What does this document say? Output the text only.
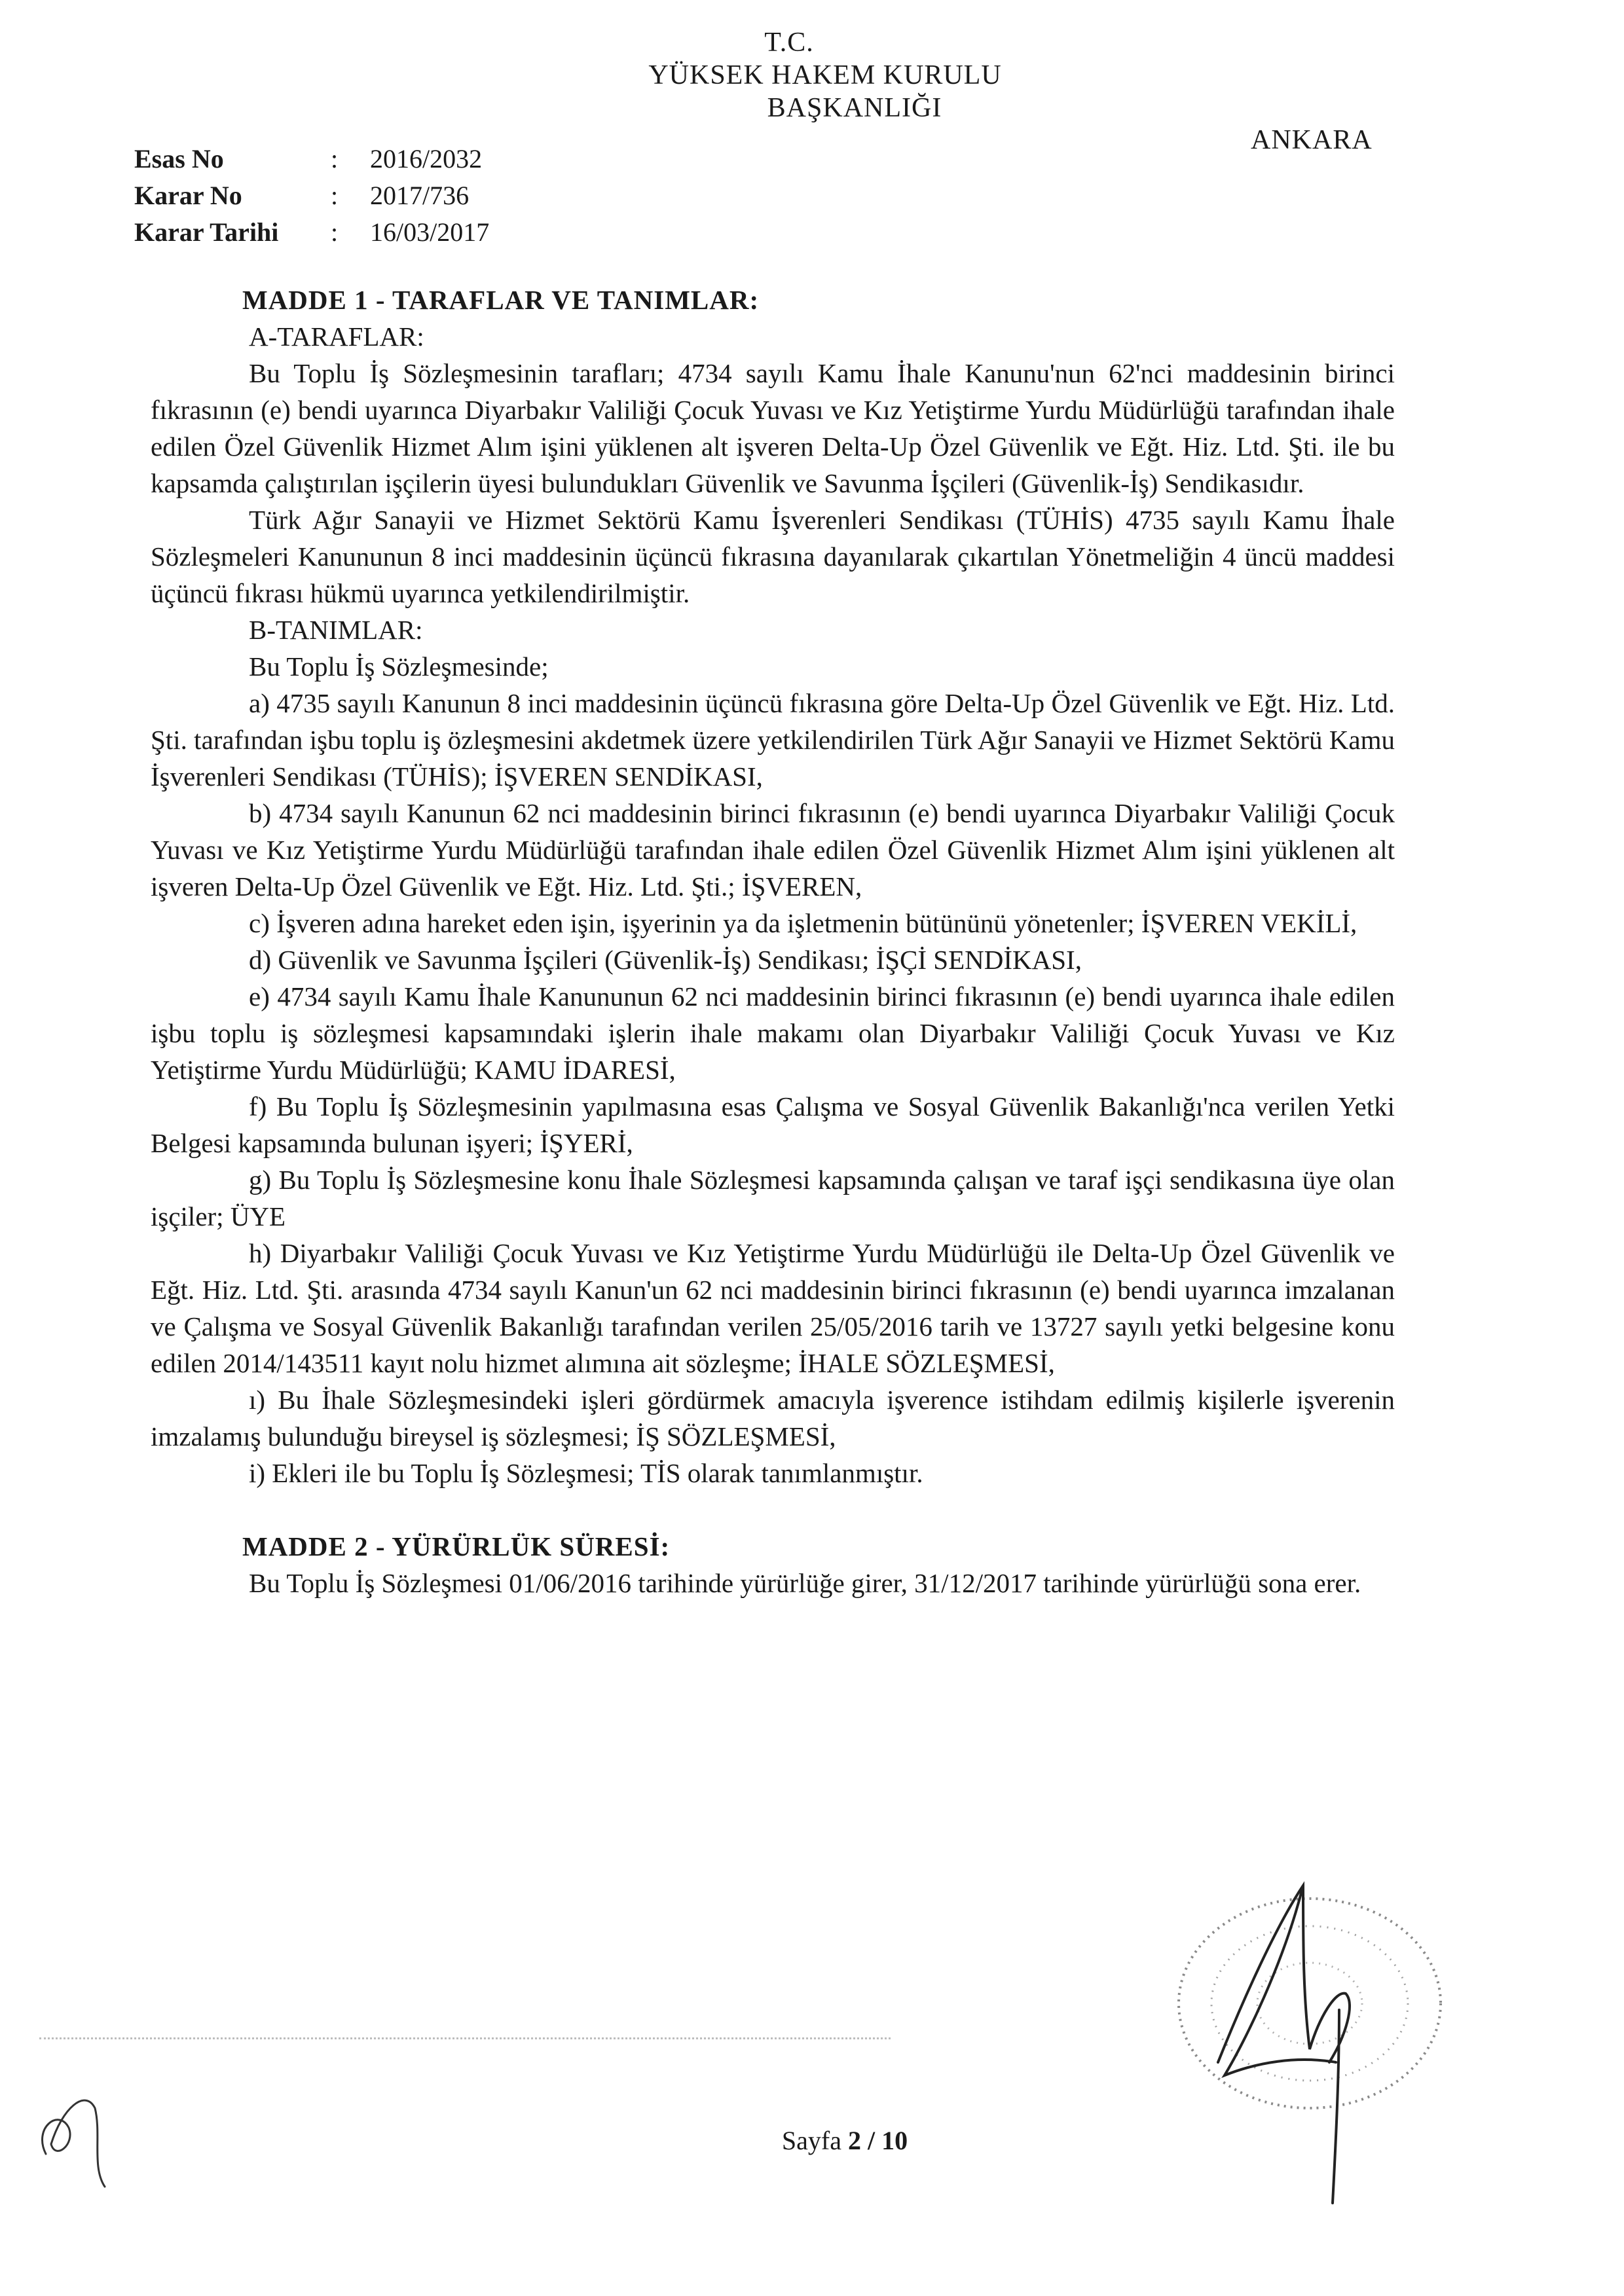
T.C.
YÜKSEK HAKEM KURULU
BAŞKANLIĞI
ANKARA
Esas No	:	2016/2032
Karar No	:	2017/736
Karar Tarihi	:	16/03/2017

MADDE 1 - TARAFLAR VE TANIMLAR:

A-TARAFLAR:

Bu Toplu İş Sözleşmesinin tarafları; 4734 sayılı Kamu İhale Kanunu'nun 62'nci maddesinin birinci fıkrasının (e) bendi uyarınca Diyarbakır Valiliği Çocuk Yuvası ve Kız Yetiştirme Yurdu Müdürlüğü tarafından ihale edilen Özel Güvenlik Hizmet Alım işini yüklenen alt işveren Delta-Up Özel Güvenlik ve Eğt. Hiz. Ltd. Şti. ile bu kapsamda çalıştırılan işçilerin üyesi bulundukları Güvenlik ve Savunma İşçileri (Güvenlik-İş) Sendikasıdır.

Türk Ağır Sanayii ve Hizmet Sektörü Kamu İşverenleri Sendikası (TÜHİS) 4735 sayılı Kamu İhale Sözleşmeleri Kanununun 8 inci maddesinin üçüncü fıkrasına dayanılarak çıkartılan Yönetmeliğin 4 üncü maddesi üçüncü fıkrası hükmü uyarınca yetkilendirilmiştir.

B-TANIMLAR:

Bu Toplu İş Sözleşmesinde;

a) 4735 sayılı Kanunun 8 inci maddesinin üçüncü fıkrasına göre Delta-Up Özel Güvenlik ve Eğt. Hiz. Ltd. Şti. tarafından işbu toplu iş özleşmesini akdetmek üzere yetkilendirilen Türk Ağır Sanayii ve Hizmet Sektörü Kamu İşverenleri Sendikası (TÜHİS); İŞVEREN SENDİKASI,

b) 4734 sayılı Kanunun 62 nci maddesinin birinci fıkrasının (e) bendi uyarınca Diyarbakır Valiliği Çocuk Yuvası ve Kız Yetiştirme Yurdu Müdürlüğü tarafından ihale edilen Özel Güvenlik Hizmet Alım işini yüklenen alt işveren Delta-Up Özel Güvenlik ve Eğt. Hiz. Ltd. Şti.; İŞVEREN,

c) İşveren adına hareket eden işin, işyerinin ya da işletmenin bütününü yönetenler; İŞVEREN VEKİLİ,

d) Güvenlik ve Savunma İşçileri (Güvenlik-İş) Sendikası; İŞÇİ SENDİKASI,

e) 4734 sayılı Kamu İhale Kanununun 62 nci maddesinin birinci fıkrasının (e) bendi uyarınca ihale edilen işbu toplu iş sözleşmesi kapsamındaki işlerin ihale makamı olan Diyarbakır Valiliği Çocuk Yuvası ve Kız Yetiştirme Yurdu Müdürlüğü; KAMU İDARESİ,

f) Bu Toplu İş Sözleşmesinin yapılmasına esas Çalışma ve Sosyal Güvenlik Bakanlığı'nca verilen Yetki Belgesi kapsamında bulunan işyeri; İŞYERİ,

g) Bu Toplu İş Sözleşmesine konu İhale Sözleşmesi kapsamında çalışan ve taraf işçi sendikasına üye olan işçiler; ÜYE

h) Diyarbakır Valiliği Çocuk Yuvası ve Kız Yetiştirme Yurdu Müdürlüğü ile Delta-Up Özel Güvenlik ve Eğt. Hiz. Ltd. Şti. arasında 4734 sayılı Kanun'un 62 nci maddesinin birinci fıkrasının (e) bendi uyarınca imzalanan ve Çalışma ve Sosyal Güvenlik Bakanlığı tarafından verilen 25/05/2016 tarih ve 13727 sayılı yetki belgesine konu edilen 2014/143511 kayıt nolu hizmet alımına ait sözleşme; İHALE SÖZLEŞMESİ,

ı) Bu İhale Sözleşmesindeki işleri gördürmek amacıyla işverence istihdam edilmiş kişilerle işverenin imzalamış bulunduğu bireysel iş sözleşmesi; İŞ SÖZLEŞMESİ,

i) Ekleri ile bu Toplu İş Sözleşmesi; TİS olarak tanımlanmıştır.

MADDE 2 - YÜRÜRLÜK SÜRESİ:

Bu Toplu İş Sözleşmesi 01/06/2016 tarihinde yürürlüğe girer, 31/12/2017 tarihinde yürürlüğü sona erer.

Sayfa 2 / 10
